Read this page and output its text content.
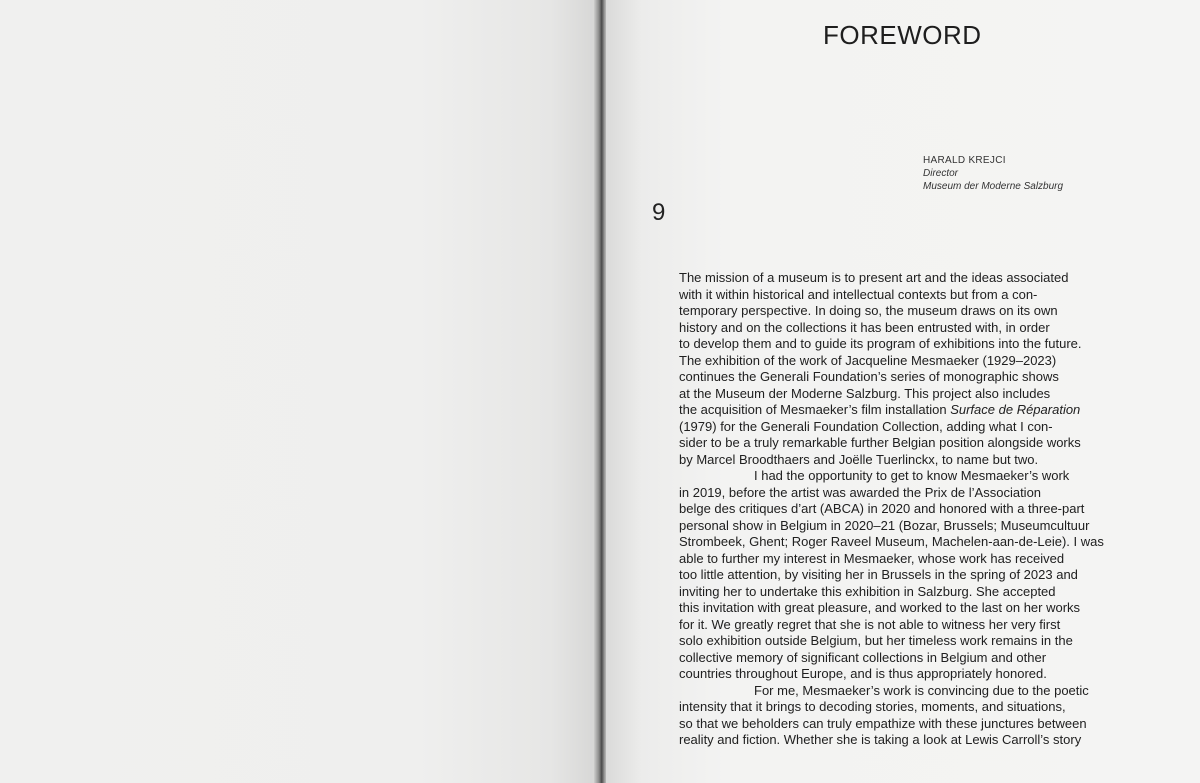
FOREWORD
HARALD KREJCI
Director
Museum der Moderne Salzburg
9
The mission of a museum is to present art and the ideas associated
with it within historical and intellectual contexts but from a con-
temporary perspective. In doing so, the museum draws on its own
history and on the collections it has been entrusted with, in order
to develop them and to guide its program of exhibitions into the future.
The exhibition of the work of Jacqueline Mesmaeker (1929–2023)
continues the Generali Foundation’s series of monographic shows
at the Museum der Moderne Salzburg. This project also includes
the acquisition of Mesmaeker’s film installation Surface de Réparation
(1979) for the Generali Foundation Collection, adding what I con-
sider to be a truly remarkable further Belgian position alongside works
by Marcel Broodthaers and Joëlle Tuerlinckx, to name but two.
I had the opportunity to get to know Mesmaeker’s work
in 2019, before the artist was awarded the Prix de l’Association
belge des critiques d’art (ABCA) in 2020 and honored with a three-part
personal show in Belgium in 2020–21 (Bozar, Brussels; Museumcultuur
Strombeek, Ghent; Roger Raveel Museum, Machelen-aan-de-Leie). I was
able to further my interest in Mesmaeker, whose work has received
too little attention, by visiting her in Brussels in the spring of 2023 and
inviting her to undertake this exhibition in Salzburg. She accepted
this invitation with great pleasure, and worked to the last on her works
for it. We greatly regret that she is not able to witness her very first
solo exhibition outside Belgium, but her timeless work remains in the
collective memory of significant collections in Belgium and other
countries throughout Europe, and is thus appropriately honored.
For me, Mesmaeker’s work is convincing due to the poetic
intensity that it brings to decoding stories, moments, and situations,
so that we beholders can truly empathize with these junctures between
reality and fiction. Whether she is taking a look at Lewis Carroll’s story
